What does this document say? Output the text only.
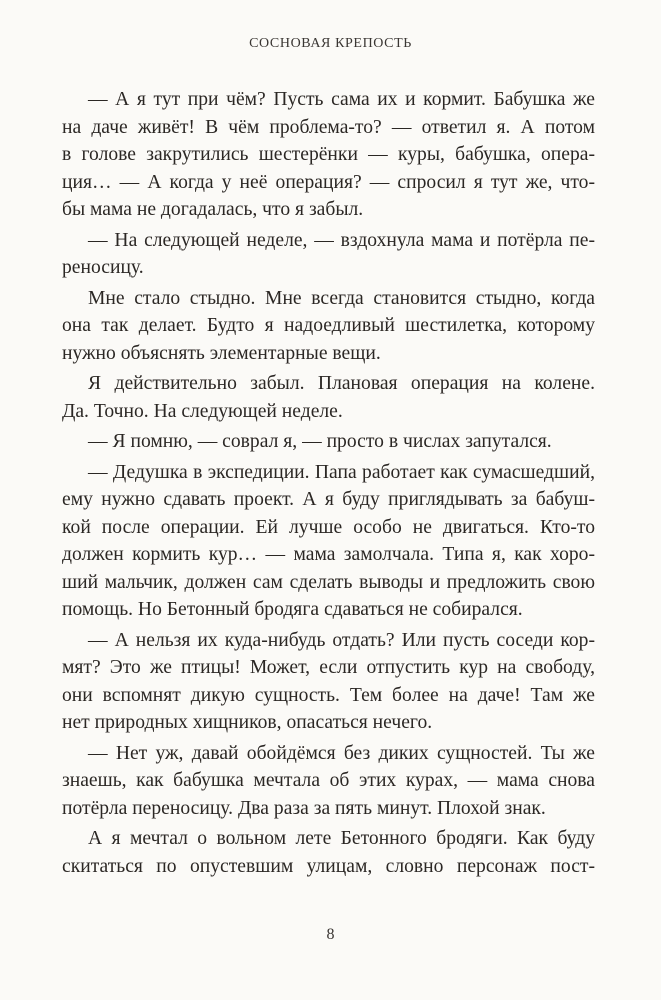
СОСНОВАЯ КРЕПОСТЬ
— А я тут при чём? Пусть сама их и кормит. Бабушка же
на даче живёт! В чём проблема-то? — ответил я. А потом
в голове закрутились шестерёнки — куры, бабушка, опера-
ция… — А когда у неё операция? — спросил я тут же, что-
бы мама не догадалась, что я забыл.
— На следующей неделе, — вздохнула мама и потёрла пе-
реносицу.
Мне стало стыдно. Мне всегда становится стыдно, когда
она так делает. Будто я надоедливый шестилетка, которому
нужно объяснять элементарные вещи.
Я действительно забыл. Плановая операция на колене.
Да. Точно. На следующей неделе.
— Я помню, — соврал я, — просто в числах запутался.
— Дедушка в экспедиции. Папа работает как сумасшедший,
ему нужно сдавать проект. А я буду приглядывать за бабуш-
кой после операции. Ей лучше особо не двигаться. Кто-то
должен кормить кур… — мама замолчала. Типа я, как хоро-
ший мальчик, должен сам сделать выводы и предложить свою
помощь. Но Бетонный бродяга сдаваться не собирался.
— А нельзя их куда-нибудь отдать? Или пусть соседи кор-
мят? Это же птицы! Может, если отпустить кур на свободу,
они вспомнят дикую сущность. Тем более на даче! Там же
нет природных хищников, опасаться нечего.
— Нет уж, давай обойдёмся без диких сущностей. Ты же
знаешь, как бабушка мечтала об этих курах, — мама снова
потёрла переносицу. Два раза за пять минут. Плохой знак.
А я мечтал о вольном лете Бетонного бродяги. Как буду
скитаться по опустевшим улицам, словно персонаж пост-
8
